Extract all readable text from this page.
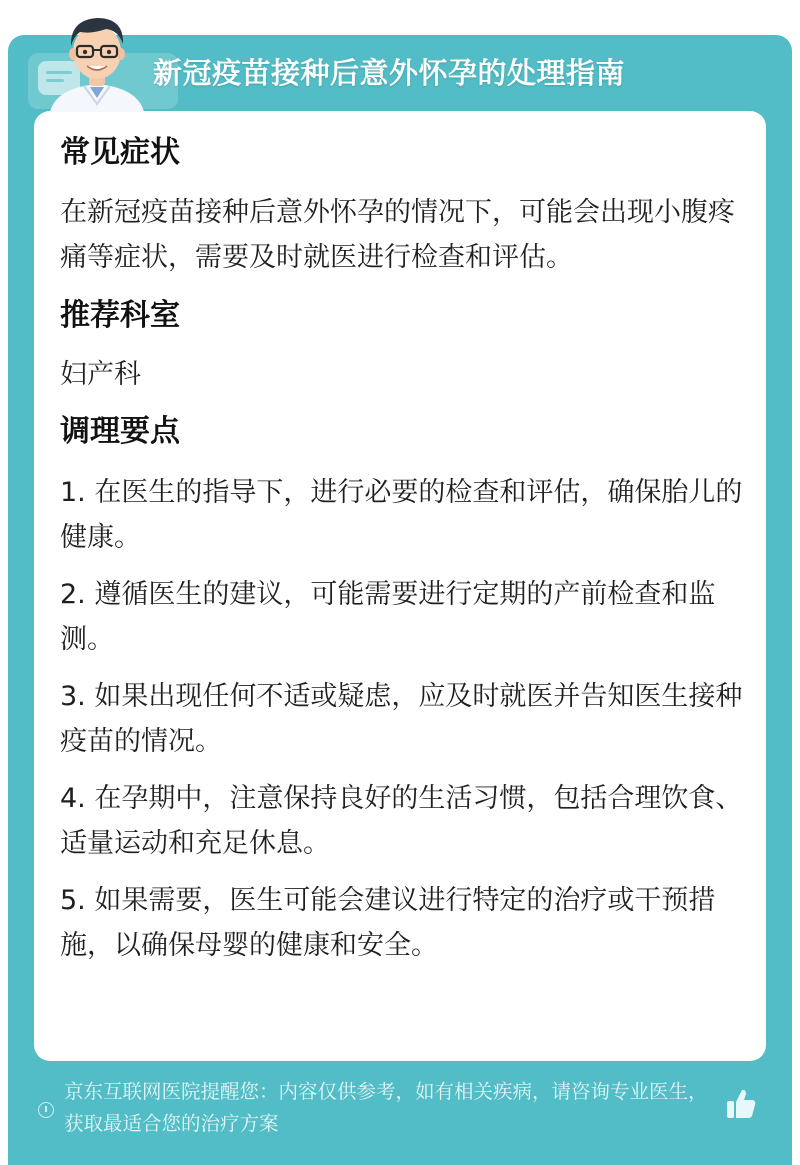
新冠疫苗接种后意外怀孕的处理指南
常见症状

在新冠疫苗接种后意外怀孕的情况下，可能会出现小腹疼痛等症状，需要及时就医进行检查和评估。

推荐科室

妇产科

调理要点

1. 在医生的指导下，进行必要的检查和评估，确保胎儿的健康。

2. 遵循医生的建议，可能需要进行定期的产前检查和监测。

3. 如果出现任何不适或疑虑，应及时就医并告知医生接种疫苗的情况。

4. 在孕期中，注意保持良好的生活习惯，包括合理饮食、适量运动和充足休息。

5. 如果需要，医生可能会建议进行特定的治疗或干预措施，以确保母婴的健康和安全。

京东互联网医院提醒您：内容仅供参考，如有相关疾病，请咨询专业医生，获取最适合您的治疗方案
